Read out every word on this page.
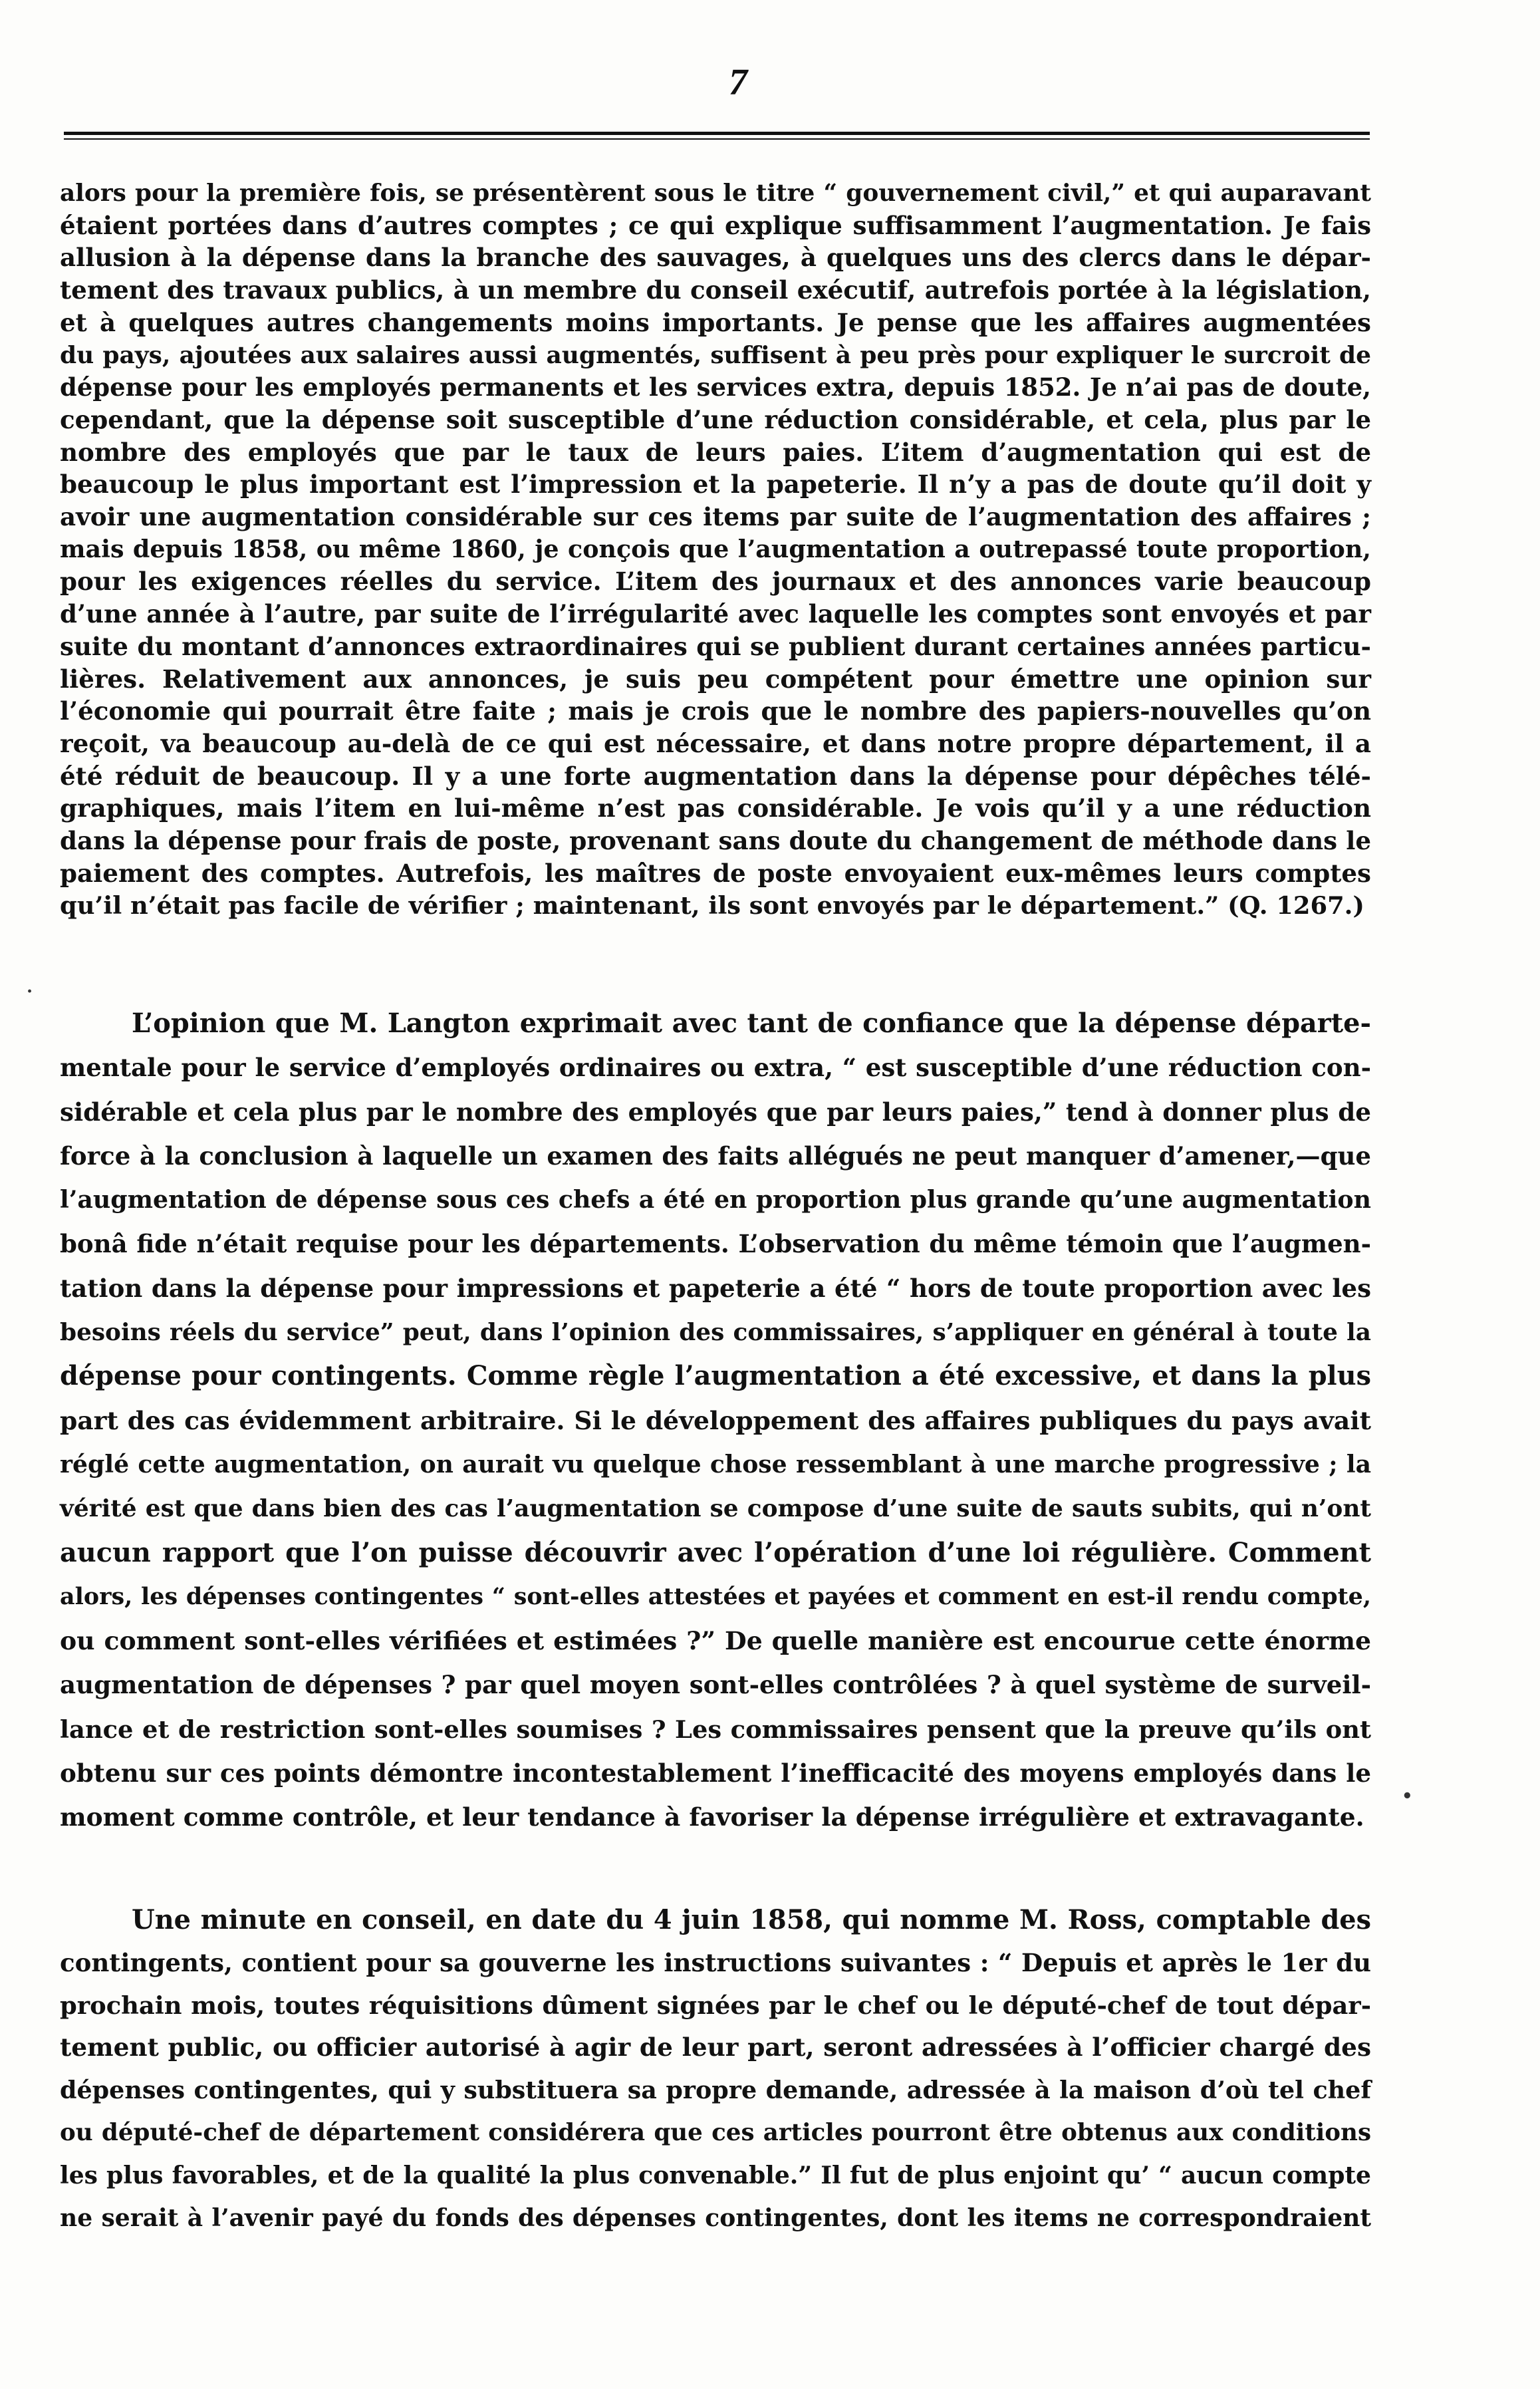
7
alors pour la première fois, se présentèrent sous le titre “ gouvernement civil,” et qui auparavant
étaient portées dans d’autres comptes ; ce qui explique suffisamment l’augmentation. Je fais
allusion à la dépense dans la branche des sauvages, à quelques uns des clercs dans le dépar-
tement des travaux publics, à un membre du conseil exécutif, autrefois portée à la législation,
et à quelques autres changements moins importants. Je pense que les affaires augmentées
du pays, ajoutées aux salaires aussi augmentés, suffisent à peu près pour expliquer le surcroit de
dépense pour les employés permanents et les services extra, depuis 1852. Je n’ai pas de doute,
cependant, que la dépense soit susceptible d’une réduction considérable, et cela, plus par le
nombre des employés que par le taux de leurs paies. L’item d’augmentation qui est de
beaucoup le plus important est l’impression et la papeterie. Il n’y a pas de doute qu’il doit y
avoir une augmentation considérable sur ces items par suite de l’augmentation des affaires ;
mais depuis 1858, ou même 1860, je conçois que l’augmentation a outrepassé toute proportion,
pour les exigences réelles du service. L’item des journaux et des annonces varie beaucoup
d’une année à l’autre, par suite de l’irrégularité avec laquelle les comptes sont envoyés et par
suite du montant d’annonces extraordinaires qui se publient durant certaines années particu-
lières. Relativement aux annonces, je suis peu compétent pour émettre une opinion sur
l’économie qui pourrait être faite ; mais je crois que le nombre des papiers-nouvelles qu’on
reçoit, va beaucoup au-delà de ce qui est nécessaire, et dans notre propre département, il a
été réduit de beaucoup. Il y a une forte augmentation dans la dépense pour dépêches télé-
graphiques, mais l’item en lui-même n’est pas considérable. Je vois qu’il y a une réduction
dans la dépense pour frais de poste, provenant sans doute du changement de méthode dans le
paiement des comptes. Autrefois, les maîtres de poste envoyaient eux-mêmes leurs comptes
qu’il n’était pas facile de vérifier ; maintenant, ils sont envoyés par le département.” (Q. 1267.)
L’opinion que M. Langton exprimait avec tant de confiance que la dépense départe-
mentale pour le service d’employés ordinaires ou extra, “ est susceptible d’une réduction con-
sidérable et cela plus par le nombre des employés que par leurs paies,” tend à donner plus de
force à la conclusion à laquelle un examen des faits allégués ne peut manquer d’amener,—que
l’augmentation de dépense sous ces chefs a été en proportion plus grande qu’une augmentation
bonâ fide n’était requise pour les départements. L’observation du même témoin que l’augmen-
tation dans la dépense pour impressions et papeterie a été “ hors de toute proportion avec les
besoins réels du service” peut, dans l’opinion des commissaires, s’appliquer en général à toute la
dépense pour contingents. Comme règle l’augmentation a été excessive, et dans la plus
part des cas évidemment arbitraire. Si le développement des affaires publiques du pays avait
réglé cette augmentation, on aurait vu quelque chose ressemblant à une marche progressive ; la
vérité est que dans bien des cas l’augmentation se compose d’une suite de sauts subits, qui n’ont
aucun rapport que l’on puisse découvrir avec l’opération d’une loi régulière. Comment
alors, les dépenses contingentes “ sont-elles attestées et payées et comment en est-il rendu compte,
ou comment sont-elles vérifiées et estimées ?” De quelle manière est encourue cette énorme
augmentation de dépenses ? par quel moyen sont-elles contrôlées ? à quel système de surveil-
lance et de restriction sont-elles soumises ? Les commissaires pensent que la preuve qu’ils ont
obtenu sur ces points démontre incontestablement l’inefficacité des moyens employés dans le
moment comme contrôle, et leur tendance à favoriser la dépense irrégulière et extravagante.
Une minute en conseil, en date du 4 juin 1858, qui nomme M. Ross, comptable des
contingents, contient pour sa gouverne les instructions suivantes : “ Depuis et après le 1er du
prochain mois, toutes réquisitions dûment signées par le chef ou le député-chef de tout dépar-
tement public, ou officier autorisé à agir de leur part, seront adressées à l’officier chargé des
dépenses contingentes, qui y substituera sa propre demande, adressée à la maison d’où tel chef
ou député-chef de département considérera que ces articles pourront être obtenus aux conditions
les plus favorables, et de la qualité la plus convenable.” Il fut de plus enjoint qu’ “ aucun compte
ne serait à l’avenir payé du fonds des dépenses contingentes, dont les items ne correspondraient
·
•
